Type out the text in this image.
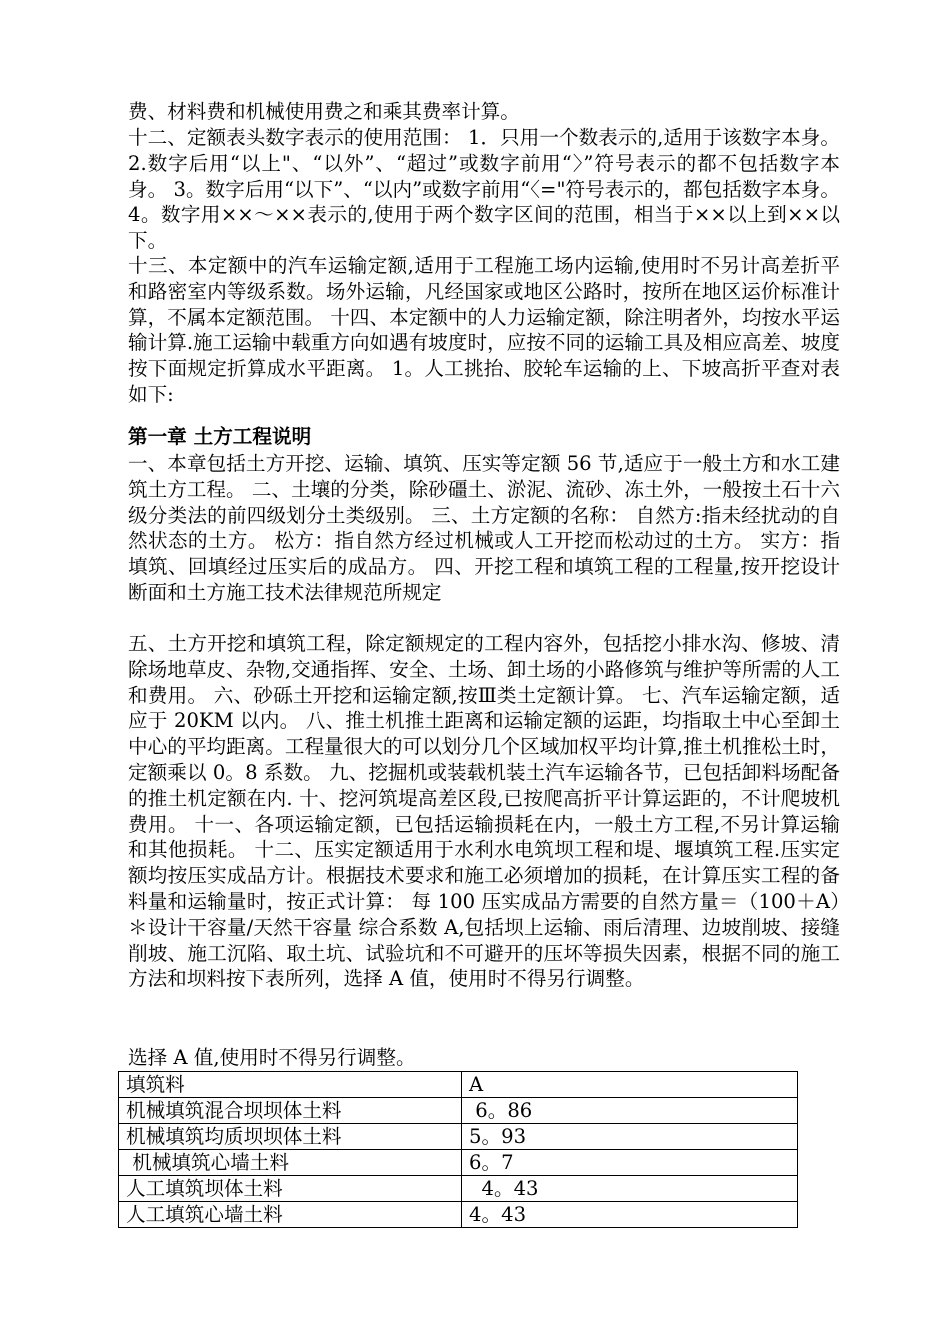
费、材料费和机械使用费之和乘其费率计算。
十二、定额表头数字表示的使用范围： 1．只用一个数表示的,适用于该数字本身。 2.数字后用“以上"、“以外”、“超过”或数字前用“〉”符号表示的都不包括数字本身。 3。数字后用“以下”、“以内”或数字前用“〈="符号表示的，都包括数字本身。 4。数字用××～××表示的,使用于两个数字区间的范围，相当于××以上到××以下。
十三、本定额中的汽车运输定额,适用于工程施工场内运输,使用时不另计高差折平和路密室内等级系数。场外运输，凡经国家或地区公路时，按所在地区运价标准计算，不属本定额范围。 十四、本定额中的人力运输定额，除注明者外，均按水平运输计算.施工运输中载重方向如遇有坡度时，应按不同的运输工具及相应高差、坡度按下面规定折算成水平距离。 1。人工挑抬、胶轮车运输的上、下坡高折平查对表如下:
第一章 土方工程说明
一、本章包括土方开挖、运输、填筑、压实等定额 56 节,适应于一般土方和水工建筑土方工程。 二、土壤的分类，除砂礓土、淤泥、流砂、冻土外，一般按土石十六级分类法的前四级划分土类级别。 三、土方定额的名称： 自然方:指未经扰动的自然状态的土方。 松方：指自然方经过机械或人工开挖而松动过的土方。 实方：指填筑、回填经过压实后的成品方。 四、开挖工程和填筑工程的工程量,按开挖设计断面和土方施工技术法律规范所规定
五、土方开挖和填筑工程，除定额规定的工程内容外，包括挖小排水沟、修坡、清除场地草皮、杂物,交通指挥、安全、土场、卸土场的小路修筑与维护等所需的人工和费用。 六、砂砾土开挖和运输定额,按Ⅲ类土定额计算。 七、汽车运输定额，适应于 20KM 以内。 八、推土机推土距离和运输定额的运距，均指取土中心至卸土中心的平均距离。工程量很大的可以划分几个区域加权平均计算,推土机推松土时，定额乘以 0。8 系数。 九、挖掘机或装载机装土汽车运输各节，已包括卸料场配备的推土机定额在内. 十、挖河筑堤高差区段,已按爬高折平计算运距的，不计爬坡机费用。 十一、各项运输定额，已包括运输损耗在内，一般土方工程,不另计算运输和其他损耗。 十二、压实定额适用于水利水电筑坝工程和堤、堰填筑工程.压实定额均按压实成品方计。根据技术要求和施工必须增加的损耗，在计算压实工程的备料量和运输量时，按正式计算： 每 100 压实成品方需要的自然方量＝（100＋A）＊设计干容量/天然干容量 综合系数 A,包括坝上运输、雨后清理、边坡削坡、接缝削坡、施工沉陷、取土坑、试验坑和不可避开的压坏等损失因素，根据不同的施工方法和坝料按下表所列，选择 A 值，使用时不得另行调整。
选择 A 值,使用时不得另行调整。
填筑料	A
机械填筑混合坝坝体土料	6。86
机械填筑均质坝坝体土料	5。93
机械填筑心墙土料	6。7
人工填筑坝体土料	4。43
人工填筑心墙土料	4。43
